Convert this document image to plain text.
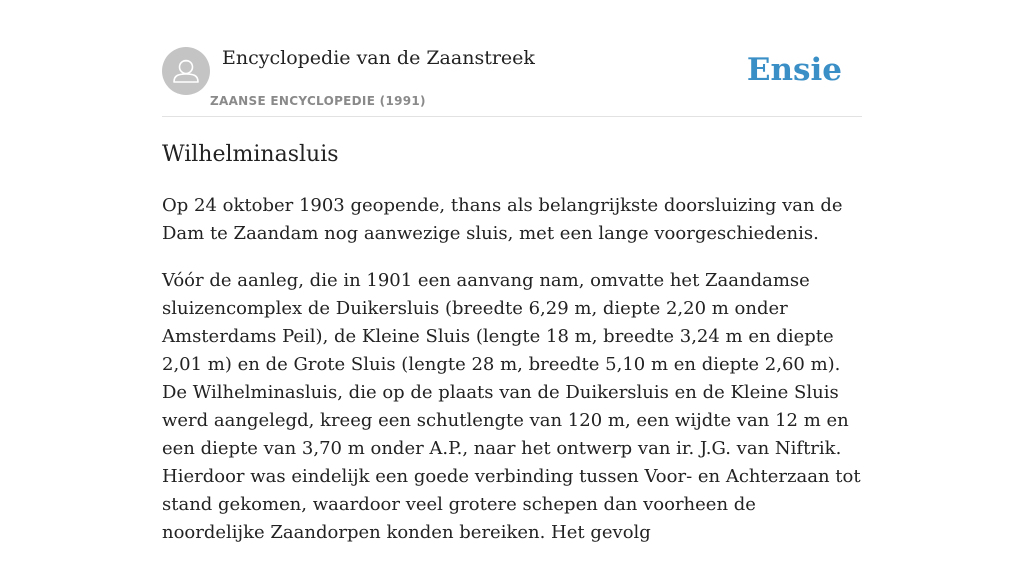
Encyclopedie van de Zaanstreek
ZAANSE ENCYCLOPEDIE (1991)
Ensie
Wilhelminasluis

Op 24 oktober 1903 geopende, thans als belangrijkste doorsluizing van de Dam te Zaandam nog aanwezige sluis, met een lange voorgeschiedenis.

Vóór de aanleg, die in 1901 een aanvang nam, omvatte het Zaandamse sluizencomplex de Duikersluis (breedte 6,29 m, diepte 2,20 m onder Amsterdams Peil), de Kleine Sluis (lengte 18 m, breedte 3,24 m en diepte 2,01 m) en de Grote Sluis (lengte 28 m, breedte 5,10 m en diepte 2,60 m). De Wilhelminasluis, die op de plaats van de Duikersluis en de Kleine Sluis werd aangelegd, kreeg een schutlengte van 120 m, een wijdte van 12 m en een diepte van 3,70 m onder A.P., naar het ontwerp van ir. J.G. van Niftrik. Hierdoor was eindelijk een goede verbinding tussen Voor- en Achterzaan tot stand gekomen, waardoor veel grotere schepen dan voorheen de noordelijke Zaandorpen konden bereiken. Het gevolg
